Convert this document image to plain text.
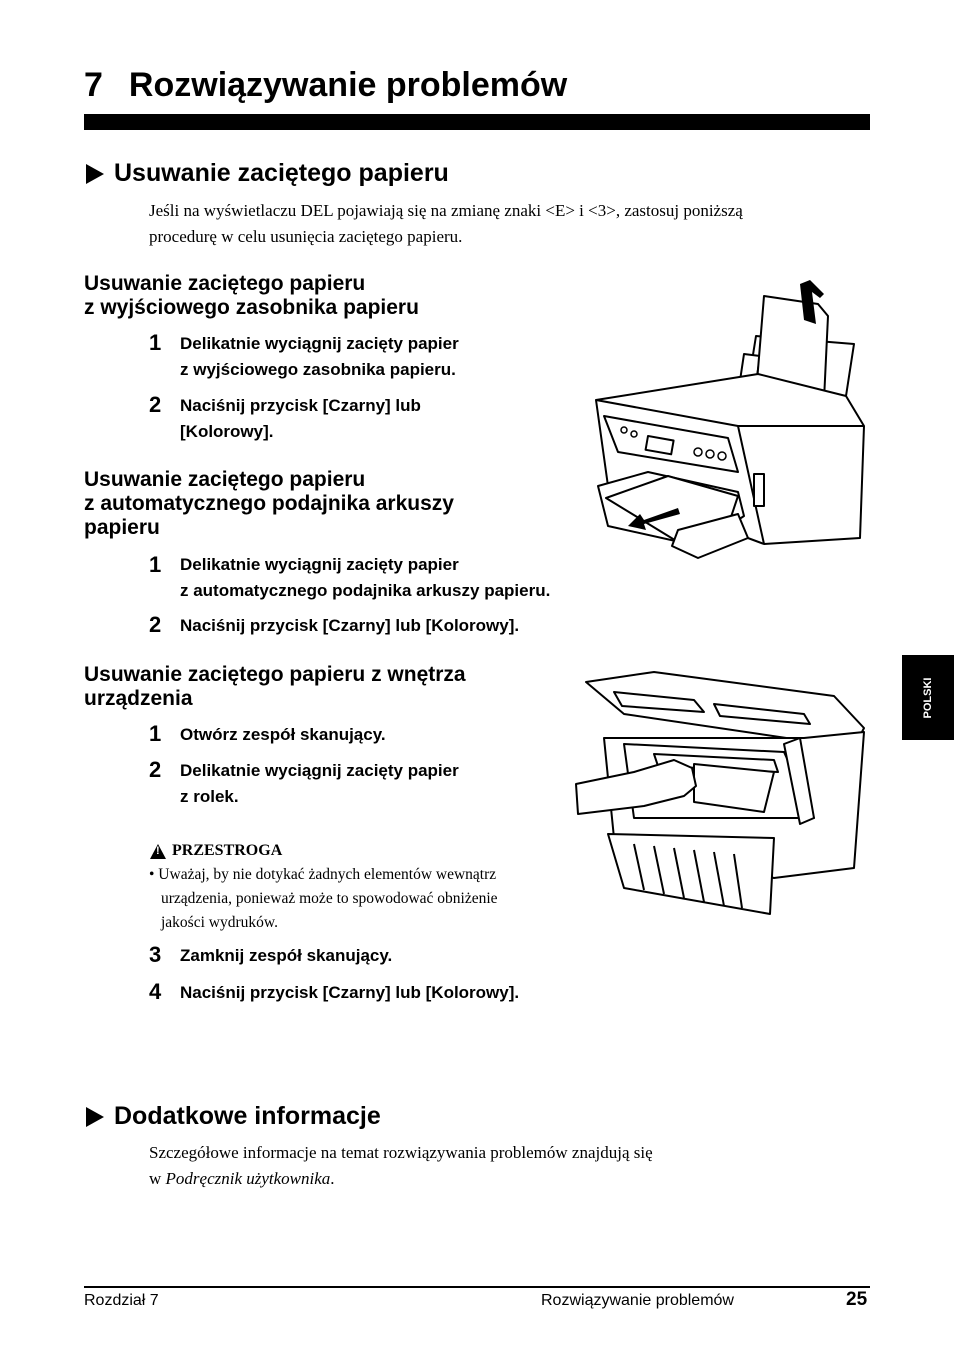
7 Rozwiązywanie problemów
Usuwanie zaciętego papieru
Jeśli na wyświetlaczu DEL pojawiają się na zmianę znaki <E> i <3>, zastosuj poniższą
procedurę w celu usunięcia zaciętego papieru.
Usuwanie zaciętego papieru
z wyjściowego zasobnika papieru
1 Delikatnie wyciągnij zacięty papier
z wyjściowego zasobnika papieru.
2 Naciśnij przycisk [Czarny] lub
[Kolorowy].
Usuwanie zaciętego papieru
z automatycznego podajnika arkuszy
papieru
1 Delikatnie wyciągnij zacięty papier
z automatycznego podajnika arkuszy papieru.
2 Naciśnij przycisk [Czarny] lub [Kolorowy].
Usuwanie zaciętego papieru z wnętrza
urządzenia
1 Otwórz zespół skanujący.
2 Delikatnie wyciągnij zacięty papier
z rolek.
!
PRZESTROGA
• Uważaj, by nie dotykać żadnych elementów wewnątrz
urządzenia, ponieważ może to spowodować obniżenie
jakości wydruków.
3 Zamknij zespół skanujący.
4 Naciśnij przycisk [Czarny] lub [Kolorowy].
Dodatkowe informacje
Szczegółowe informacje na temat rozwiązywania problemów znajdują się
w Podręcznik użytkownika.
POLSKI
Rozdział 7	Rozwiązywanie problemów	25
